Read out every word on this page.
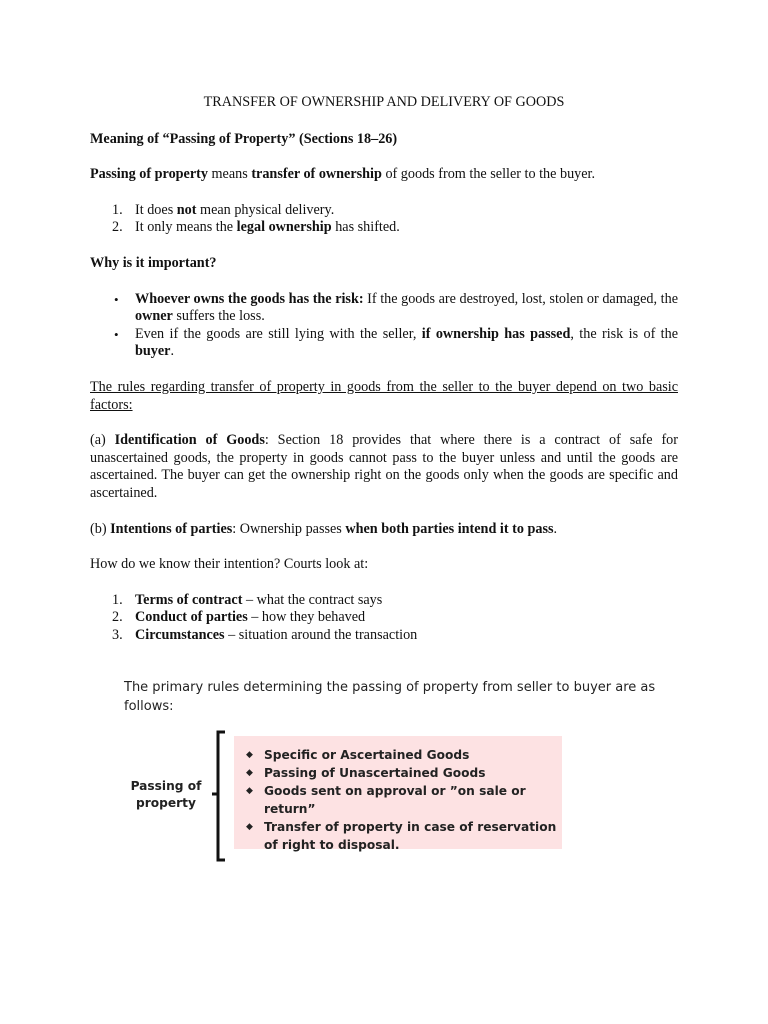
TRANSFER OF OWNERSHIP AND DELIVERY OF GOODS

Meaning of “Passing of Property” (Sections 18–26)

Passing of property means transfer of ownership of goods from the seller to the buyer.

1. It does not mean physical delivery.
2. It only means the legal ownership has shifted.

Why is it important?

• Whoever owns the goods has the risk: If the goods are destroyed, lost, stolen or damaged, the owner suffers the loss.
• Even if the goods are still lying with the seller, if ownership has passed, the risk is of the buyer.

The rules regarding transfer of property in goods from the seller to the buyer depend on two basic factors:

(a) Identification of Goods: Section 18 provides that where there is a contract of safe for unascertained goods, the property in goods cannot pass to the buyer unless and until the goods are ascertained. The buyer can get the ownership right on the goods only when the goods are specific and ascertained.

(b) Intentions of parties: Ownership passes when both parties intend it to pass.

How do we know their intention? Courts look at:

1. Terms of contract – what the contract says
2. Conduct of parties – how they behaved
3. Circumstances – situation around the transaction
The primary rules determining the passing of property from seller to buyer are as follows:
Passing of
property
◆ Specific or Ascertained Goods
◆ Passing of Unascertained Goods
◆ Goods sent on approval or ”on sale or return”
◆ Transfer of property in case of reservation of right to disposal.
